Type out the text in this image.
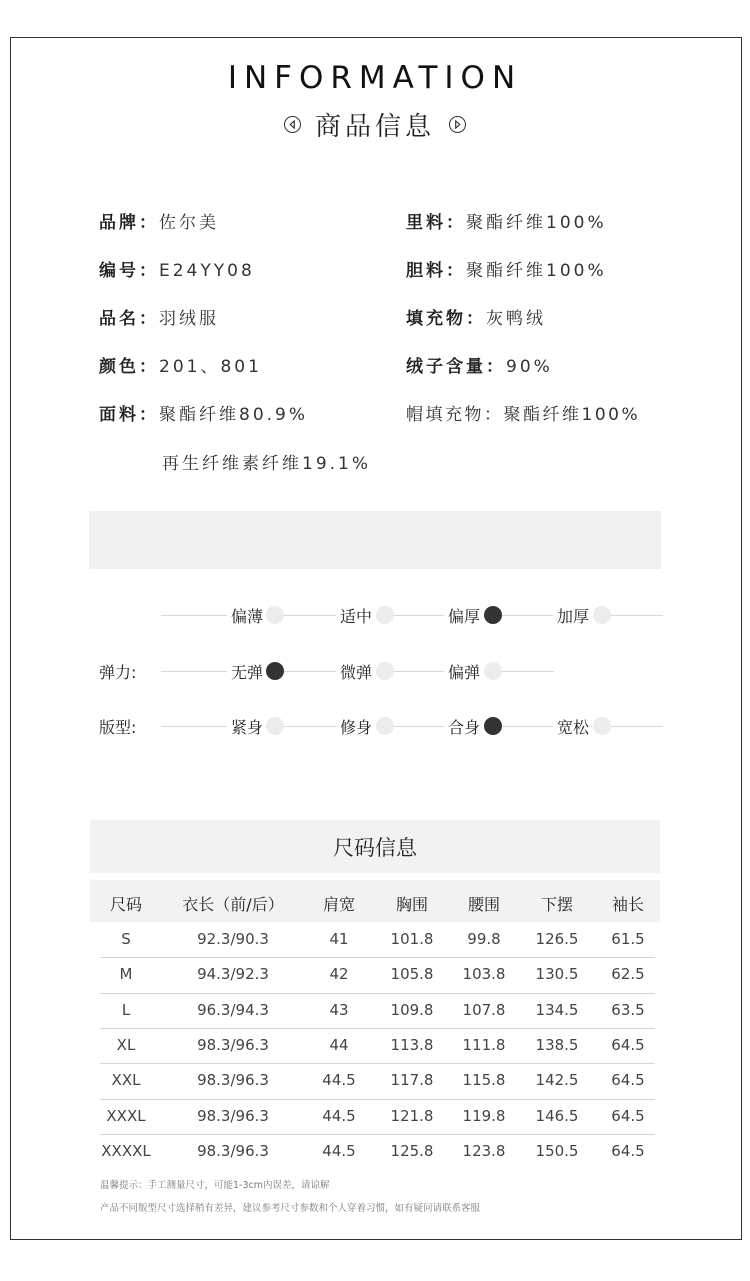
INFORMATION
商品信息
品牌：佐尔美
编号：E24YY08
品名：羽绒服
颜色：201、801
面料：聚酯纤维80.9%
再生纤维素纤维19.1%
里料：聚酯纤维100%
胆料：聚酯纤维100%
填充物：灰鸭绒
绒子含量：90%
帽填充物：聚酯纤维100%
偏薄	适中	偏厚	加厚
弹力:	无弹	微弹	偏弹
版型:	紧身	修身	合身	宽松
尺码信息
尺码	衣长（前/后） 肩宽	胸围 腰围	下摆 袖长
S	92.3/90.3	41	101.8 99.8 126.5 61.5
M	94.3/92.3	42	105.8 103.8 130.5 62.5
L	96.3/94.3	43	109.8 107.8 134.5 63.5
XL	98.3/96.3	44	113.8 111.8 138.5 64.5
XXL	98.3/96.3	44.5 117.8 115.8 142.5 64.5
XXXL	98.3/96.3	44.5 121.8 119.8 146.5 64.5
XXXXL	98.3/96.3	44.5 125.8 123.8 150.5 64.5
温馨提示：手工测量尺寸，可能1-3cm内误差，请谅解
产品不同版型尺寸选择稍有差异，建议参考尺寸参数和个人穿着习惯，如有疑问请联系客服
